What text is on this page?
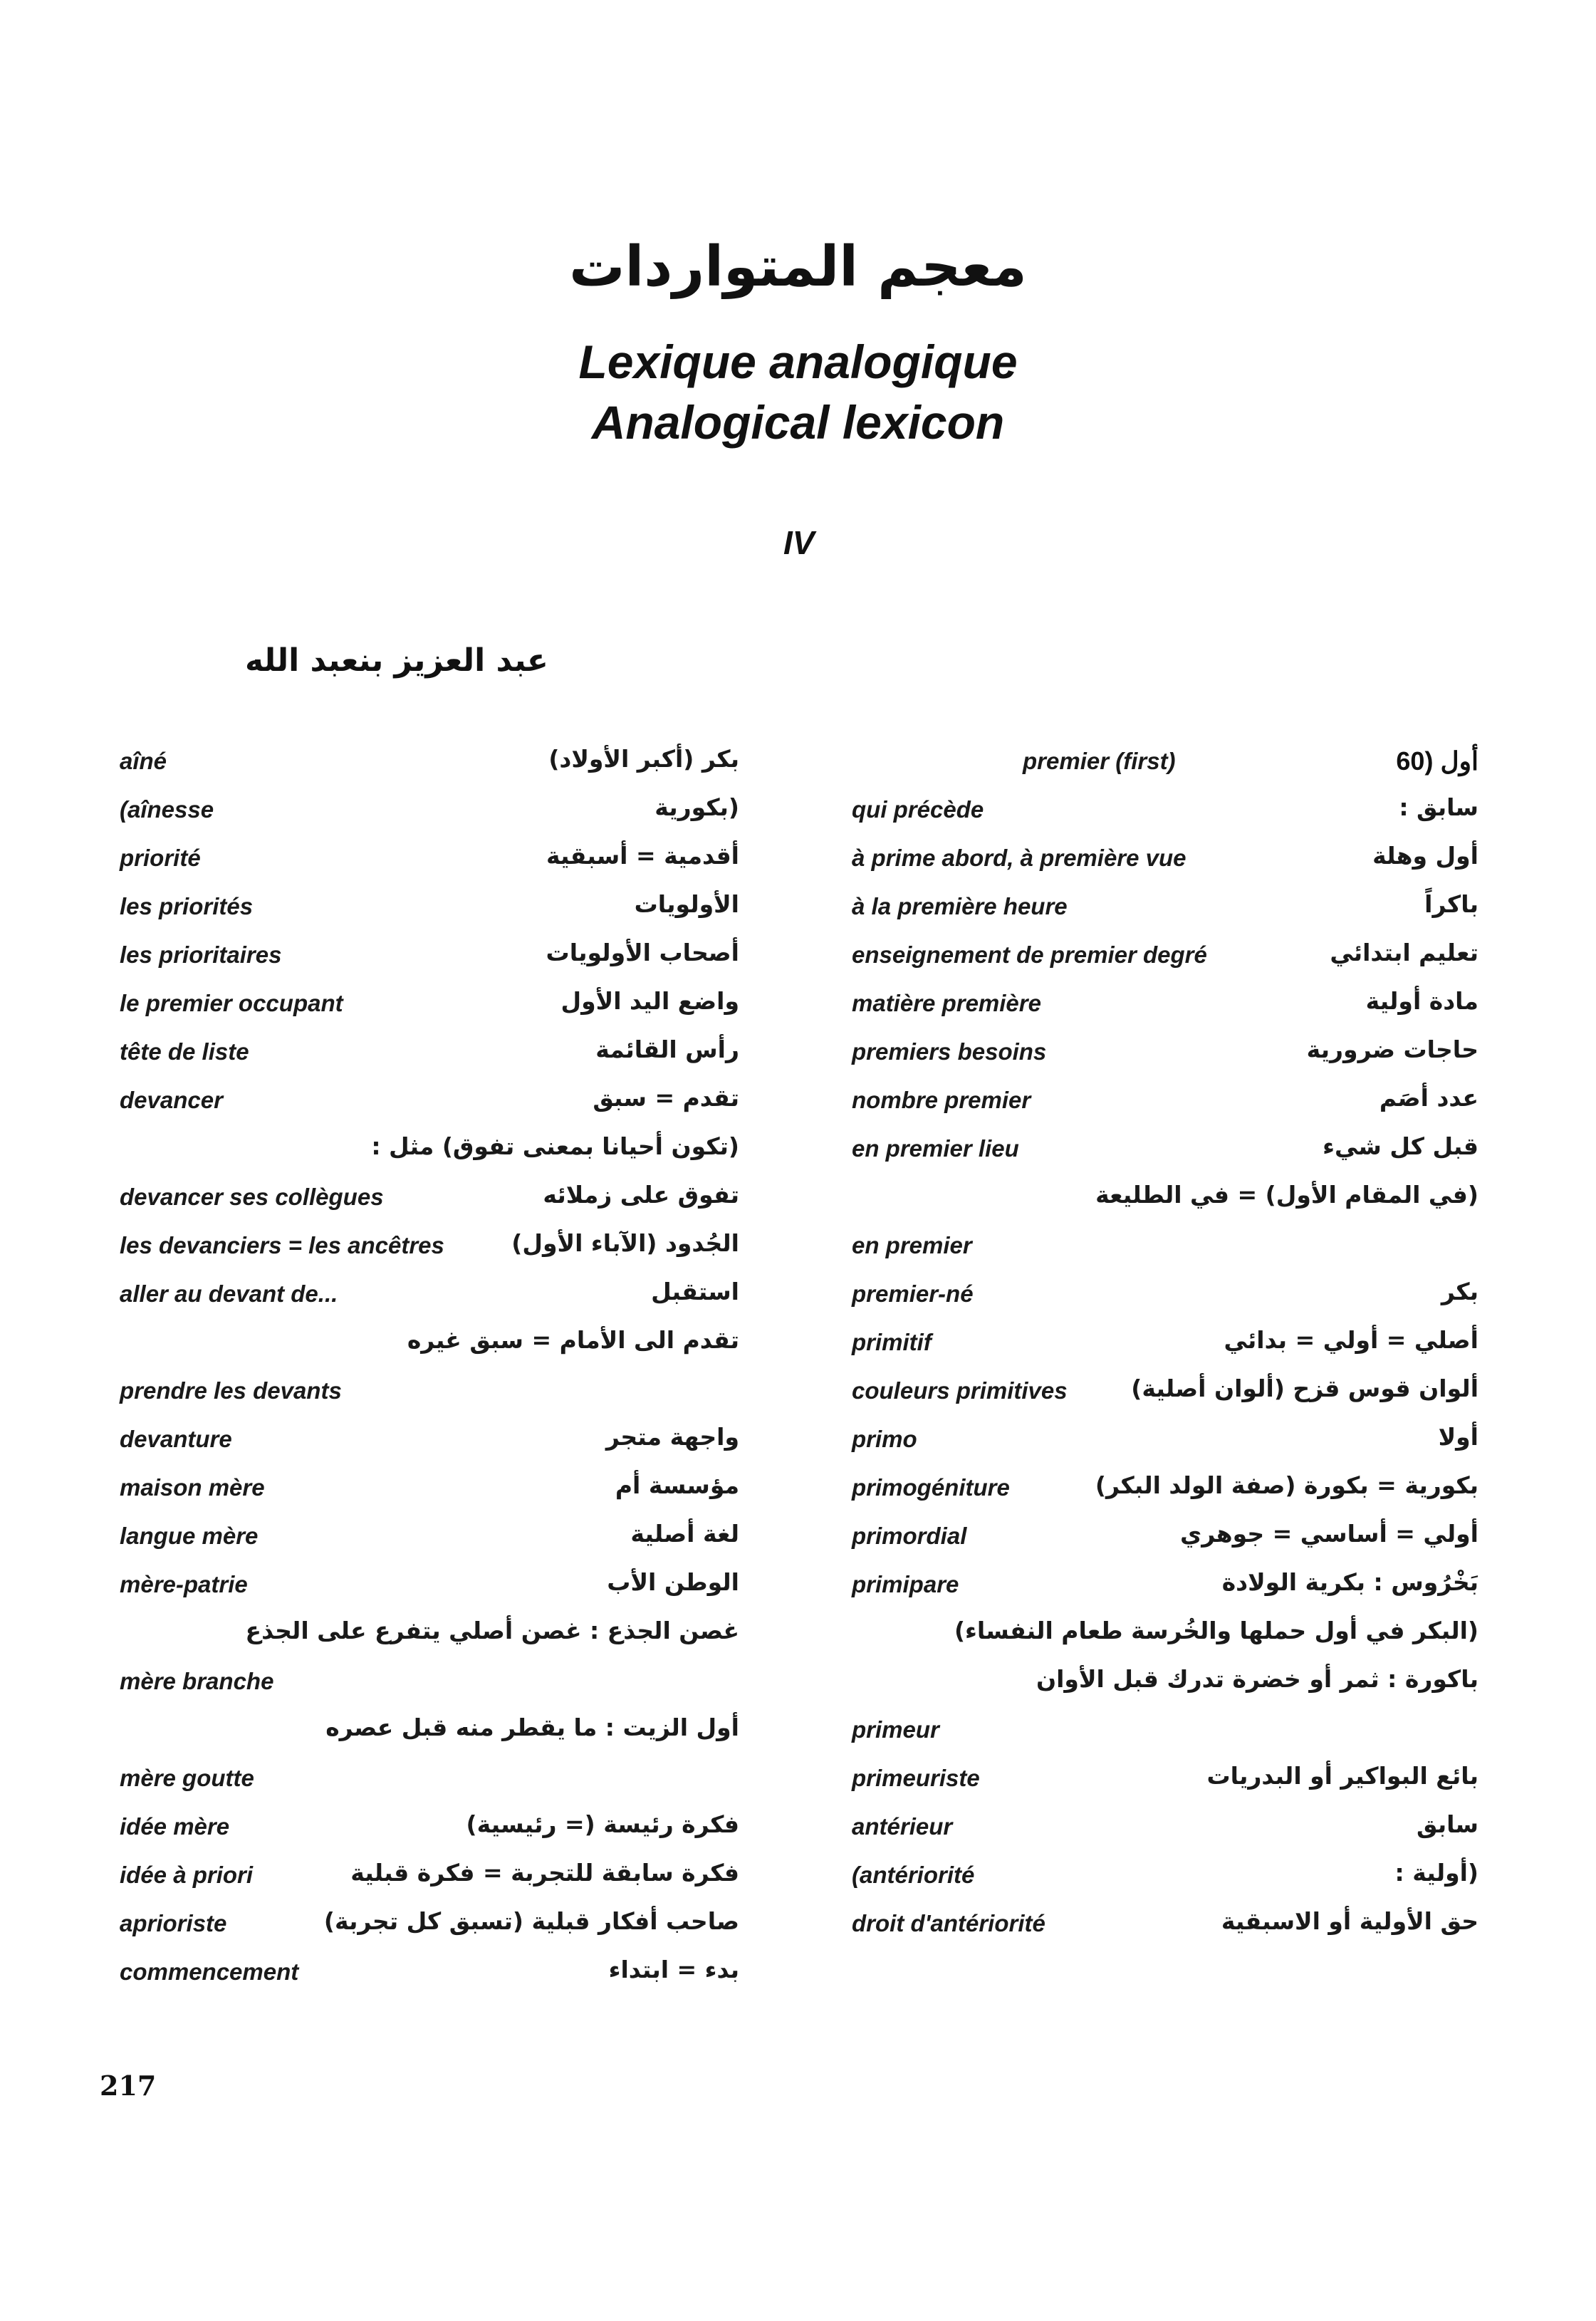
معجم المتواردات
Lexique analogique
Analogical lexicon
IV
عبد العزيز بنعبد الله
aîné	بكر (أكبر الأولاد)
(aînesse	(بكورية
priorité	أقدمية = أسبقية
les priorités	الأولويات
les prioritaires	أصحاب الأولويات
le premier occupant	واضع اليد الأول
tête de liste	رأس القائمة
devancer	تقدم = سبق
(تكون أحيانا بمعنى تفوق) مثل :
devancer ses collègues	تفوق على زملائه
les devanciers = les ancêtres	الجُدود (الآباء الأول)
aller au devant de...	استقبل
تقدم الى الأمام = سبق غيره
prendre les devants
devanture	واجهة متجر
maison mère	مؤسسة أم
langue mère	لغة أصلية
mère-patrie	الوطن الأب
غصن الجذع : غصن أصلي يتفرع على الجذع
mère branche
أول الزيت : ما يقطر منه قبل عصره
mère goutte
idée mère	فكرة رئيسة (= رئيسية)
idée à priori	فكرة سابقة للتجربة = فكرة قبلية
aprioriste	صاحب أفكار قبلية (تسبق كل تجربة)
commencement	بدء = ابتداء
premier (first)	أول (60
qui précède	سابق :
à prime abord, à première vue	أول وهلة
à la première heure	باكراً
enseignement de premier degré	تعليم ابتدائي
matière première	مادة أولية
premiers besoins	حاجات ضرورية
nombre premier	عدد أصَم
en premier lieu	قبل كل شيء
(في المقام الأول) = في الطليعة
en premier
premier-né	بكر
primitif	أصلي = أولي = بدائي
couleurs primitives	ألوان قوس قزح (ألوان أصلية)
primo	أولا
primogéniture	بكورية = بكورة (صفة الولد البكر)
primordial	أولي = أساسي = جوهري
primipare	بَخْرُوس : بكرية الولادة
(البكر في أول حملها والخُرسة طعام النفساء)
باكورة : ثمر أو خضرة تدرك قبل الأوان
primeur
primeuriste	بائع البواكير أو البدريات
antérieur	سابق
(antériorité	(أولية :
droit d'antériorité	حق الأولية أو الاسبقية
217
